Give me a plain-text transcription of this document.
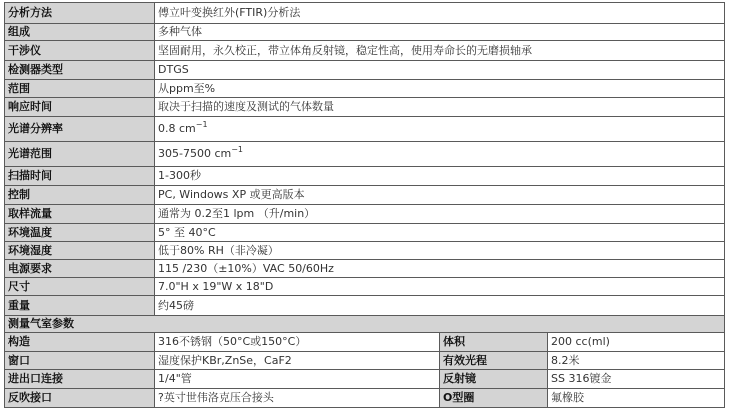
分析方法	傅立叶变换红外(FTIR)分析法		
组成	多种气体		
干涉仪	坚固耐用，永久校正，带立体角反射镜，稳定性高，使用寿命长的无磨损轴承		
检测器类型	DTGS		
范围	从ppm至%		
响应时间	取决于扫描的速度及测试的气体数量		
光谱分辨率	0.8 $cm^{-1}$
光谱范围	305-7500 $cm^{-1}$
扫描时间	1-300秒		
控制	PC, Windows XP 或更高版本		
取样流量	通常为 0.2至1 lpm （升/min）		
环境温度	5° 至 40°C		
环境湿度	低于80% RH（非冷凝）		
电源要求	115 /230（±10%）VAC 50/60Hz		
尺寸	7.0"H x 19"W x 18"D		
重量	约45磅		
测量气室参数			
构造	316不锈钢（50°C或150°C）	体积	200 cc(ml)
窗口	湿度保护KBr,ZnSe，CaF2	有效光程	8.2米
进出口连接	1/4"管	反射镜	SS 316镀金
反吹接口	?英寸世伟洛克压合接头	O型圈	氟橡胶
